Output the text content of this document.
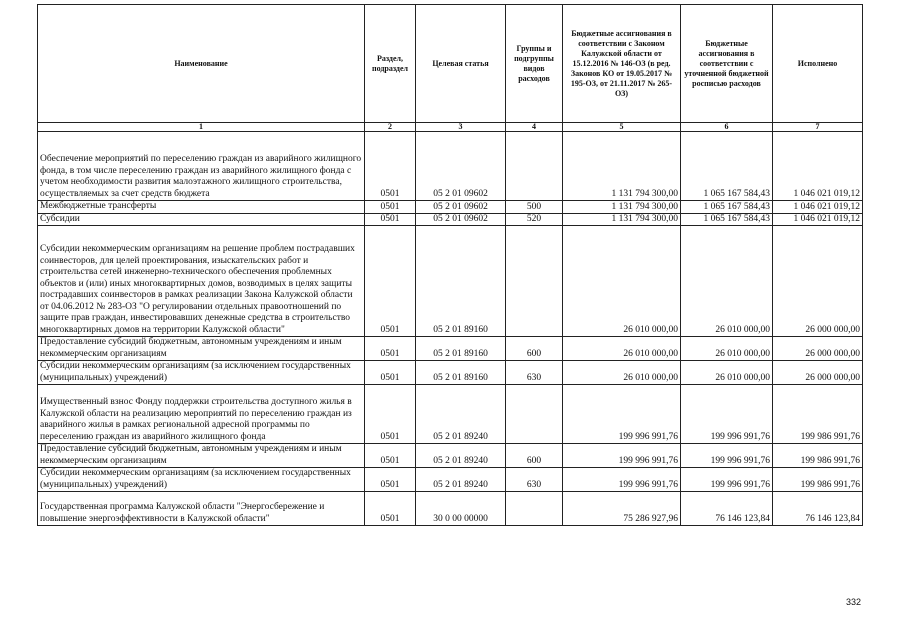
Наименование	Раздел, подраздел	Целевая статья	Группы и подгруппы видов расходов	Бюджетные ассигнования в соответствии с Законом Калужской области от 15.12.2016 № 146-ОЗ (в ред. Законов КО от 19.05.2017 № 195-ОЗ, от 21.11.2017 № 265-ОЗ)	Бюджетные ассигнования в соответствии с уточненной бюджетной росписью расходов	Исполнено
1	2	3	4	5	6	7
Обеспечение мероприятий по переселению граждан из аварийного жилищного фонда, в том числе переселению граждан из аварийного жилищного фонда с учетом необходимости развития малоэтажного жилищного строительства, осуществляемых за счет средств бюджета	0501	05 2 01 09602		1 131 794 300,00	1 065 167 584,43	1 046 021 019,12
Межбюджетные трансферты	0501	05 2 01 09602	500	1 131 794 300,00	1 065 167 584,43	1 046 021 019,12
Субсидии	0501	05 2 01 09602	520	1 131 794 300,00	1 065 167 584,43	1 046 021 019,12
Субсидии некоммерческим организациям на решение проблем пострадавших соинвесторов, для целей проектирования, изыскательских работ и строительства сетей инженерно-технического обеспечения проблемных объектов и (или) иных многоквартирных домов, возводимых в целях защиты пострадавших соинвесторов в рамках реализации Закона Калужской области от 04.06.2012 № 283-ОЗ "О регулировании отдельных правоотношений по защите прав граждан, инвестировавших денежные средства в строительство многоквартирных домов на территории Калужской области"	0501	05 2 01 89160		26 010 000,00	26 010 000,00	26 000 000,00
Предоставление субсидий бюджетным, автономным учреждениям и иным некоммерческим организациям	0501	05 2 01 89160	600	26 010 000,00	26 010 000,00	26 000 000,00
Субсидии некоммерческим организациям (за исключением государственных (муниципальных) учреждений)	0501	05 2 01 89160	630	26 010 000,00	26 010 000,00	26 000 000,00
Имущественный взнос Фонду поддержки строительства доступного жилья в Калужской области на реализацию мероприятий по переселению граждан из аварийного жилья в рамках региональной адресной программы по переселению граждан из аварийного жилищного фонда	0501	05 2 01 89240		199 996 991,76	199 996 991,76	199 986 991,76
Предоставление субсидий бюджетным, автономным учреждениям и иным некоммерческим организациям	0501	05 2 01 89240	600	199 996 991,76	199 996 991,76	199 986 991,76
Субсидии некоммерческим организациям (за исключением государственных (муниципальных) учреждений)	0501	05 2 01 89240	630	199 996 991,76	199 996 991,76	199 986 991,76
Государственная программа Калужской области "Энергосбережение и повышение энергоэффективности в Калужской области"	0501	30 0 00 00000		75 286 927,96	76 146 123,84	76 146 123,84
332
